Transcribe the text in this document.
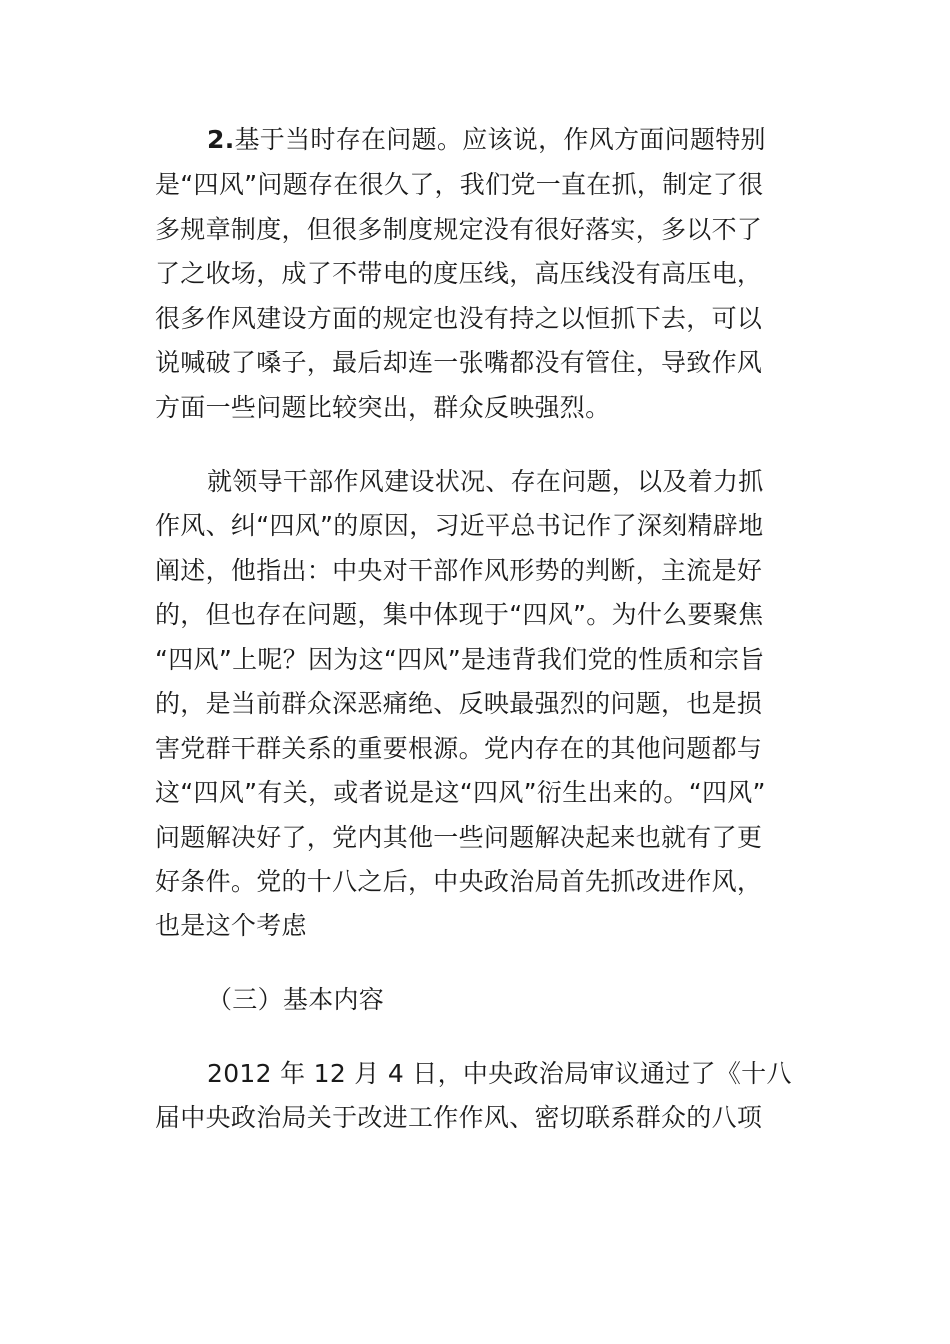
2.基于当时存在问题。应该说，作风方面问题特别
是“四风”问题存在很久了，我们党一直在抓，制定了很
多规章制度，但很多制度规定没有很好落实，多以不了
了之收场，成了不带电的度压线，高压线没有高压电，
很多作风建设方面的规定也没有持之以恒抓下去，可以
说喊破了嗓子，最后却连一张嘴都没有管住，导致作风
方面一些问题比较突出，群众反映强烈。
就领导干部作风建设状况、存在问题，以及着力抓
作风、纠“四风”的原因，习近平总书记作了深刻精辟地
阐述，他指出：中央对干部作风形势的判断，主流是好
的，但也存在问题，集中体现于“四风”。为什么要聚焦
“四风”上呢？因为这“四风”是违背我们党的性质和宗旨
的，是当前群众深恶痛绝、反映最强烈的问题，也是损
害党群干群关系的重要根源。党内存在的其他问题都与
这“四风”有关，或者说是这“四风”衍生出来的。“四风”
问题解决好了，党内其他一些问题解决起来也就有了更
好条件。党的十八之后，中央政治局首先抓改进作风，
也是这个考虑
（三）基本内容
2012 年 12 月 4 日，中央政治局审议通过了《十八
届中央政治局关于改进工作作风、密切联系群众的八项
